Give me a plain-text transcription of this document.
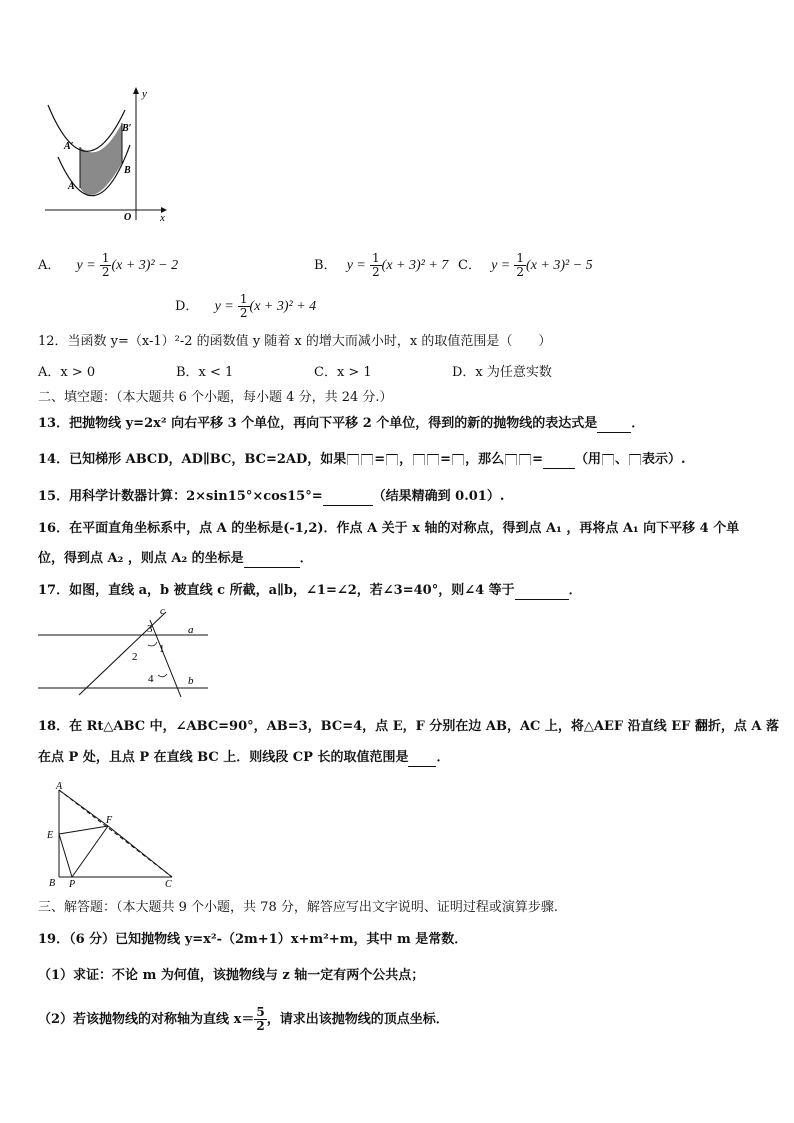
y
x
O
A
B
A′
B′
A． $y = \frac{1}{2} (x + 3)^2 - 2$	B． $y = \frac{1}{2} (x + 3)^2 + 7$ C． $y = \frac{1}{2} (x + 3)^2 - 5$
D． $y = \frac{1}{2} (x + 3)^2 + 4$
12．当函数 y=（x-1）²-2 的函数值 y 随着 x 的增大而减小时，x 的取值范围是（　　）
A．x > 0	B．x < 1	C．x > 1	D．x 为任意实数
二、填空题：（本大题共 6 个小题，每小题 4 分，共 24 分.）
13．把抛物线 y=2x² 向右平移 3 个单位，再向下平移 2 个单位，得到的新的抛物线的表达式是	．
14．已知梯形 ABCD，AD∥BC，BC=2AD，如果 = ， = ，那么 = （用 、 表示）.
15．用科学计数器计算：2×sin15°×cos15°=	（结果精确到 0.01）.
16．在平面直角坐标系中，点 A 的坐标是(-1,2)．作点 A 关于 x 轴的对称点，得到点 A₁ ，再将点 A₁ 向下平移 4 个单
位，得到点 A₂ ，则点 A₂ 的坐标是	．
17．如图，直线 a，b 被直线 c 所截，a∥b，∠1=∠2，若∠3=40°，则∠4 等于	．
c
a
b
3
1
2
4
18．在 Rt△ABC 中，∠ABC=90°，AB=3，BC=4，点 E，F 分别在边 AB，AC 上，将△AEF 沿直线 EF 翻折，点 A 落
在点 P 处，且点 P 在直线 BC 上．则线段 CP 长的取值范围是 ．
A
E
F
B P	C
三、解答题：（本大题共 9 个小题，共 78 分，解答应写出文字说明、证明过程或演算步骤.
19．（6 分）已知抛物线 y=x²-（2m+1）x+m²+m，其中 m 是常数．
（1）求证：不论 m 为何值，该抛物线与 z 轴一定有两个公共点；
（2）若该抛物线的对称轴为直线 $x= \frac{5}{2}$ ，请求出该抛物线的顶点坐标．
